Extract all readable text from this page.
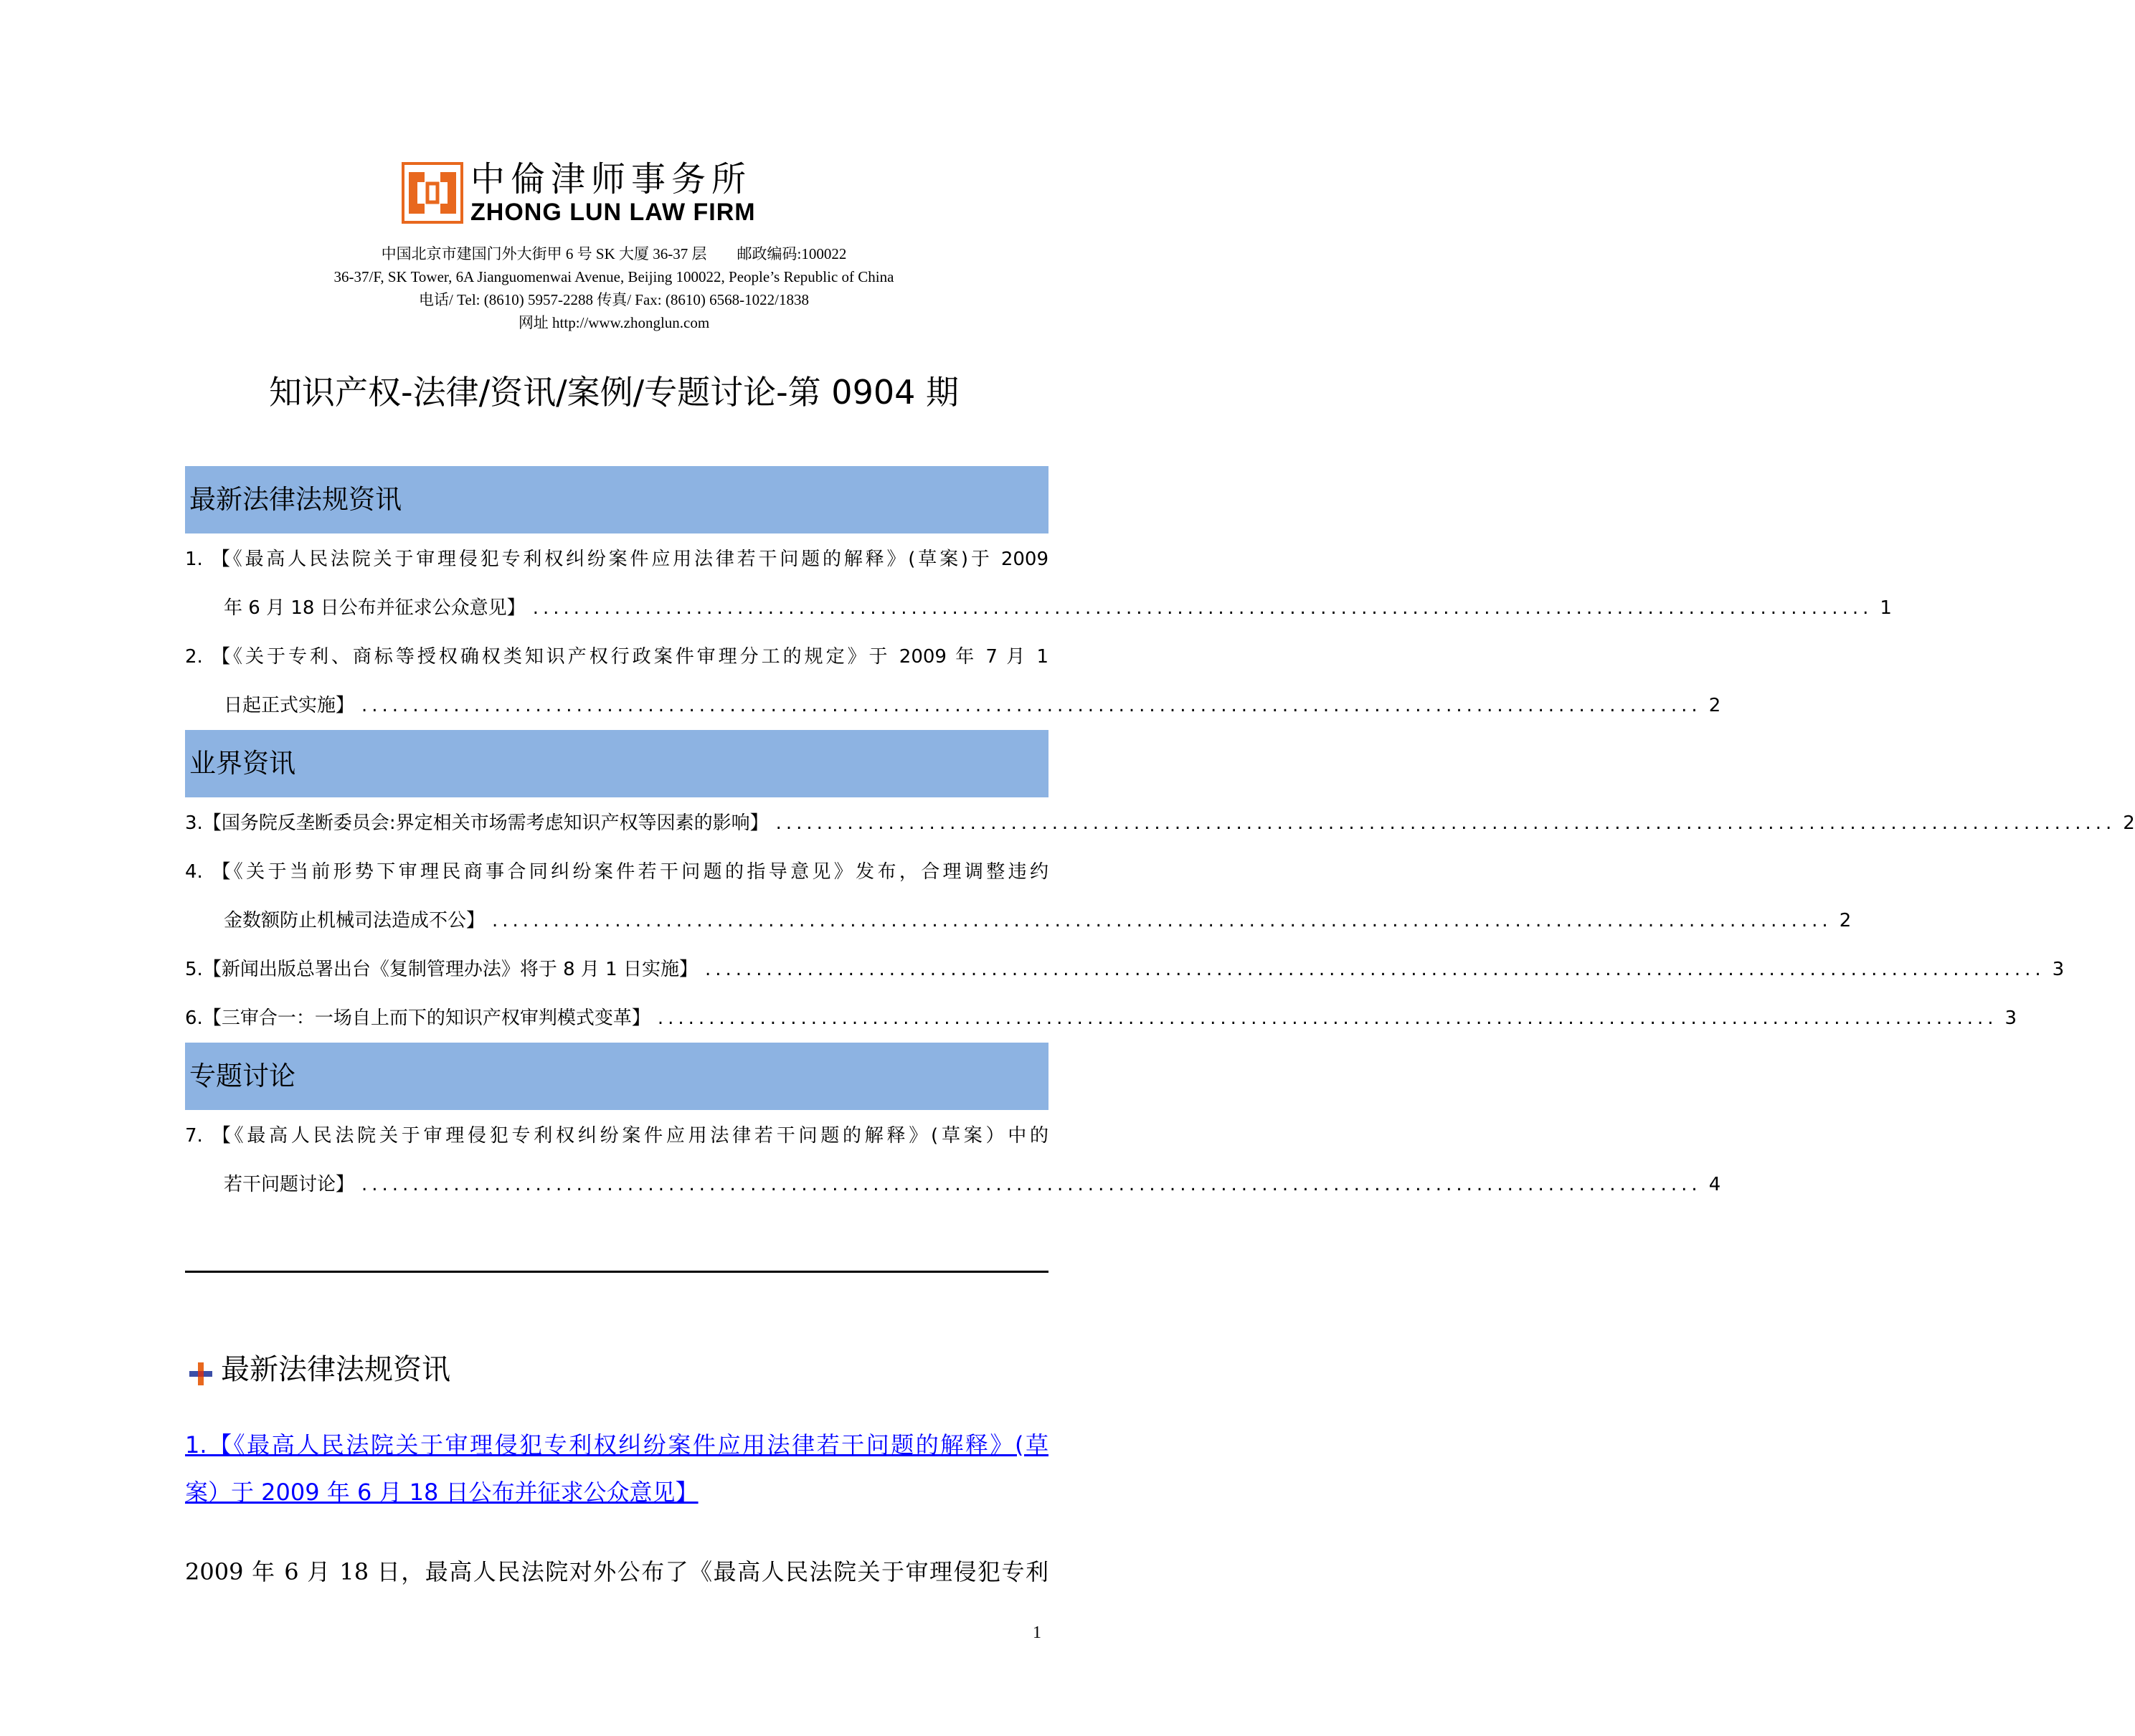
中倫津师事务所
ZHONG LUN LAW FIRM
中国北京市建国门外大街甲 6 号 SK 大厦 36-37 层　　邮政编码:100022
36-37/F, SK Tower, 6A Jianguomenwai Avenue, Beijing 100022, People’s Republic of China
电话/ Tel: (8610) 5957-2288 传真/ Fax: (8610) 6568-1022/1838
网址 http://www.zhonglun.com
知识产权-法律/资讯/案例/专题讨论-第 0904 期
最新法律法规资讯
1. 【《最高人民法院关于审理侵犯专利权纠纷案件应用法律若干问题的解释》(草案)于 2009
年 6 月 18 日公布并征求公众意见】 ................................................................................................................................... 1
2. 【《关于专利、商标等授权确权类知识产权行政案件审理分工的规定》于 2009 年 7 月 1
日起正式实施】 ................................................................................................................................... 2
业界资讯
3. 【国务院反垄断委员会:界定相关市场需考虑知识产权等因素的影响】 ................................................................................................................................... 2
4. 【《关于当前形势下审理民商事合同纠纷案件若干问题的指导意见》发布，合理调整违约
金数额防止机械司法造成不公】 ................................................................................................................................... 2
5. 【新闻出版总署出台《复制管理办法》将于 8 月 1 日实施】 ................................................................................................................................... 3
6. 【三审合一：一场自上而下的知识产权审判模式变革】 ................................................................................................................................... 3
专题讨论
7. 【《最高人民法院关于审理侵犯专利权纠纷案件应用法律若干问题的解释》(草案）中的
若干问题讨论】 ................................................................................................................................... 4
最新法律法规资讯
1.【《最高人民法院关于审理侵犯专利权纠纷案件应用法律若干问题的解释》(草
案）于 2009 年 6 月 18 日公布并征求公众意见】
2009 年 6 月 18 日，最高人民法院对外公布了《最高人民法院关于审理侵犯专利
1
